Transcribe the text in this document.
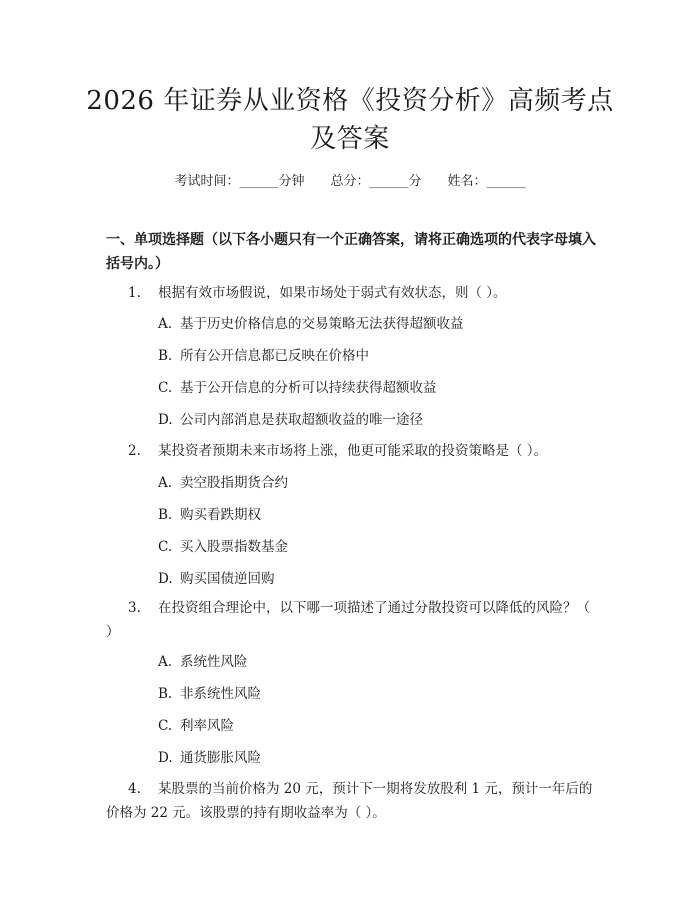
2026 年证券从业资格《投资分析》高频考点
及答案
考试时间：______分钟　　总分：______分　　姓名：______
一、单项选择题（以下各小题只有一个正确答案，请将正确选项的代表字母填入括号内。）
1. 根据有效市场假说，如果市场处于弱式有效状态，则（ ）。
A. 基于历史价格信息的交易策略无法获得超额收益
B. 所有公开信息都已反映在价格中
C. 基于公开信息的分析可以持续获得超额收益
D. 公司内部消息是获取超额收益的唯一途径
2. 某投资者预期未来市场将上涨，他更可能采取的投资策略是（ ）。
A. 卖空股指期货合约
B. 购买看跌期权
C. 买入股票指数基金
D. 购买国债逆回购
3. 在投资组合理论中，以下哪一项描述了通过分散投资可以降低的风险？（ ）
A. 系统性风险
B. 非系统性风险
C. 利率风险
D. 通货膨胀风险
4. 某股票的当前价格为 20 元，预计下一期将发放股利 1 元，预计一年后的价格为 22 元。该股票的持有期收益率为（ ）。
